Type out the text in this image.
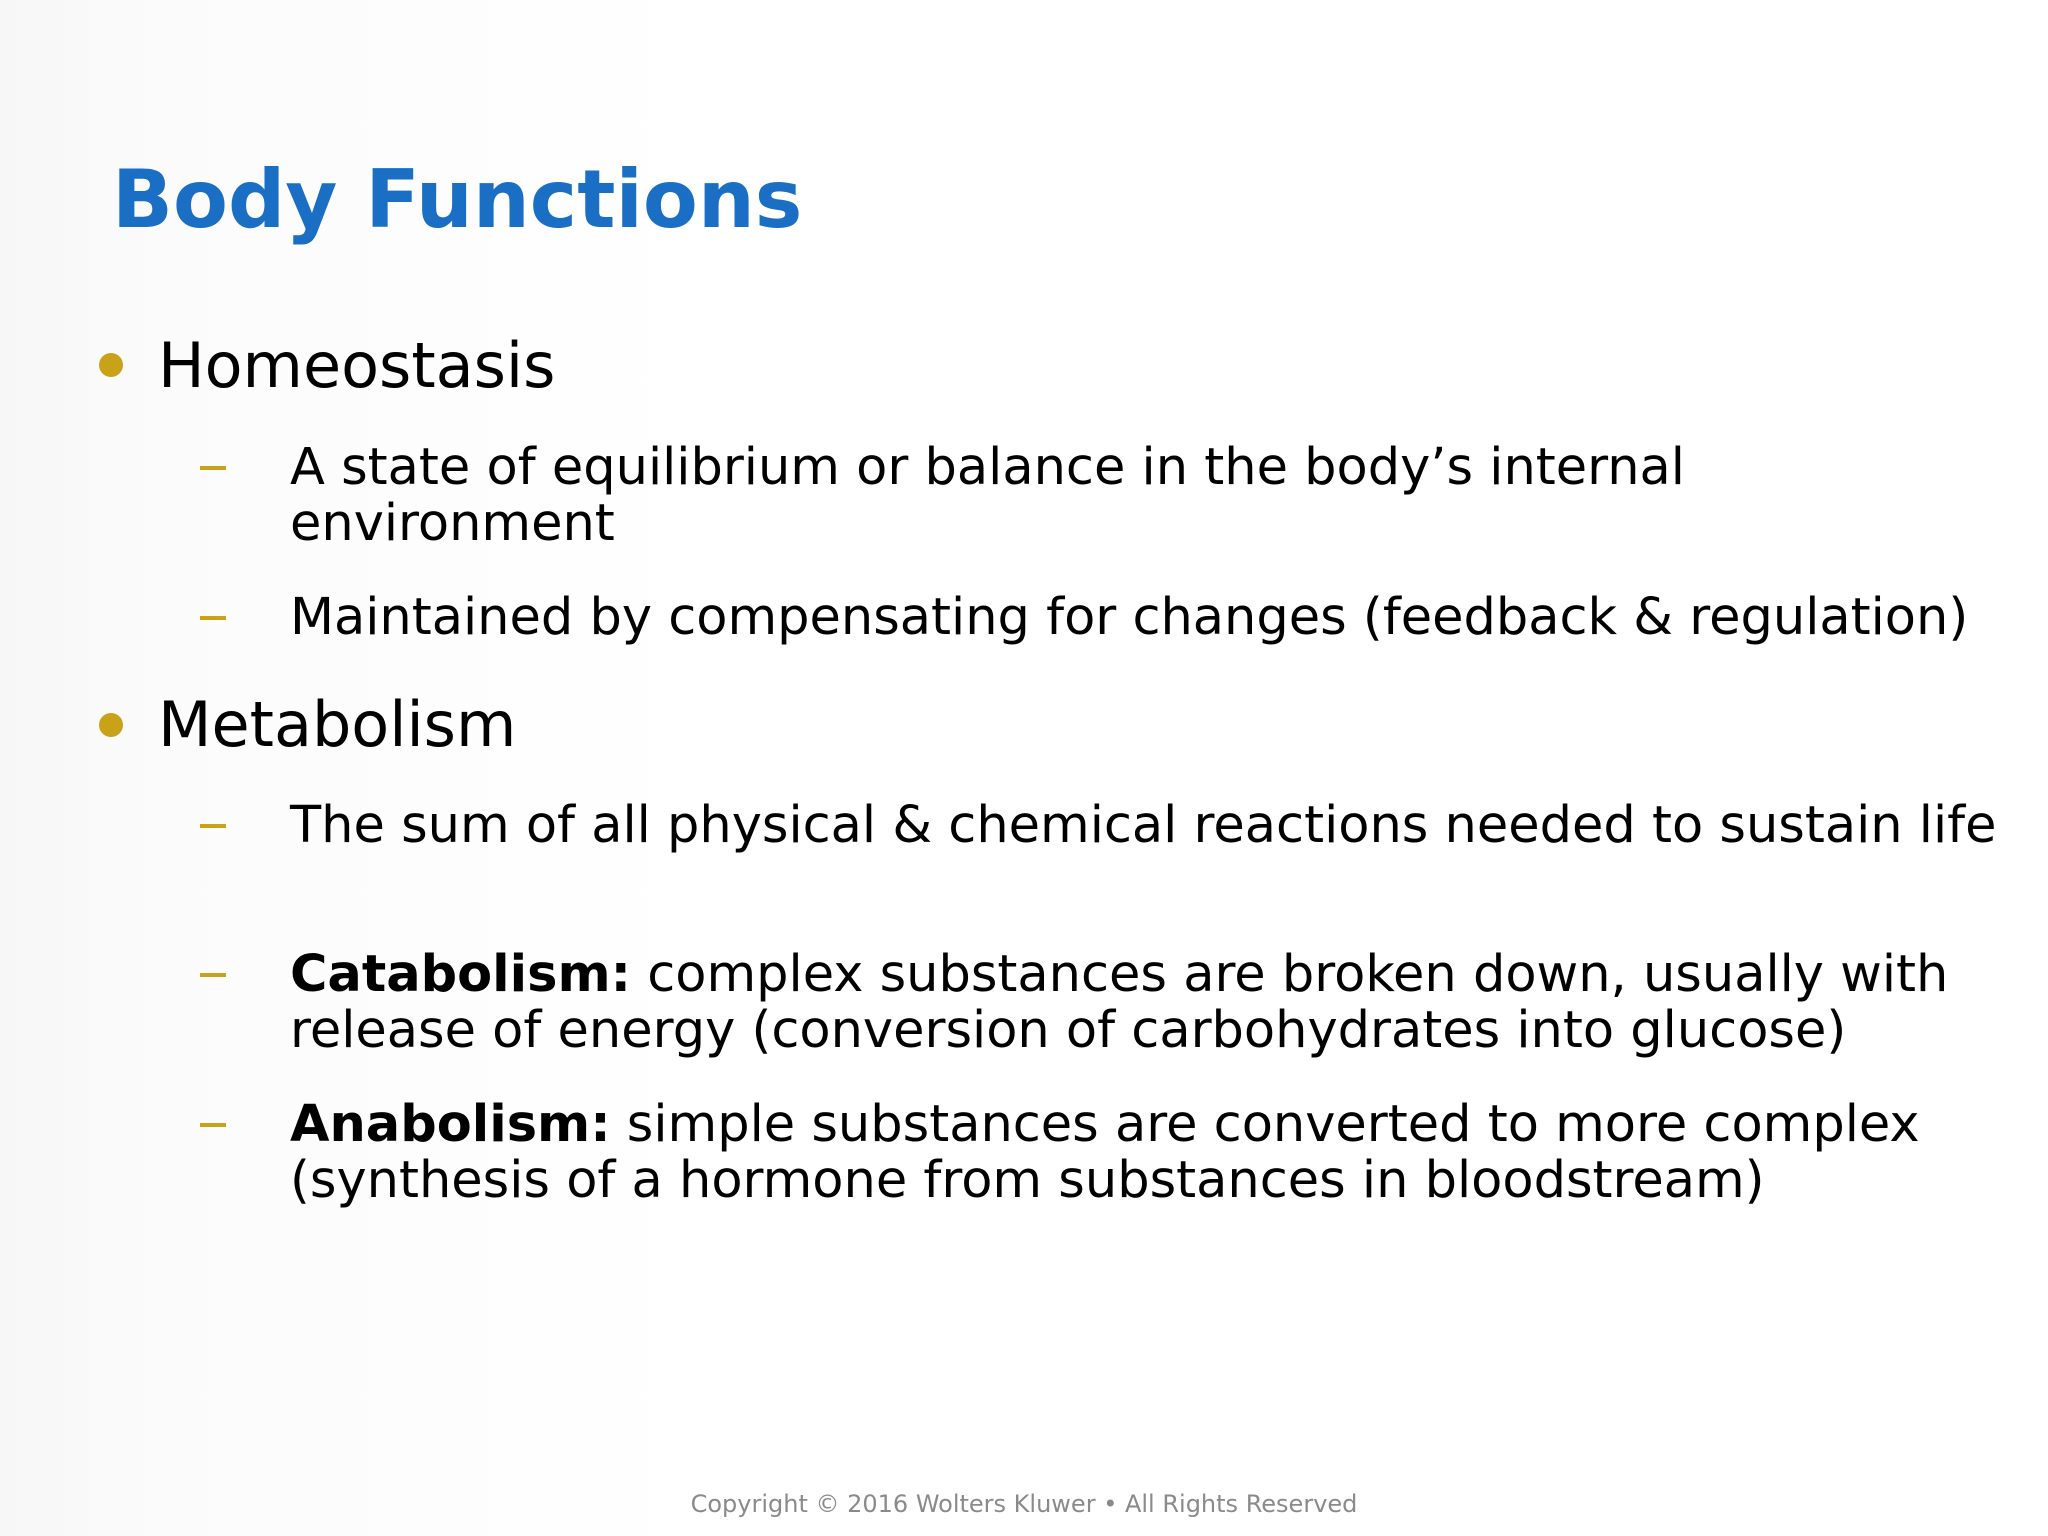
Body Functions
Homeostasis
A state of equilibrium or balance in the body’s internal environment
Maintained by compensating for changes (feedback & regulation)
Metabolism
The sum of all physical & chemical reactions needed to sustain life
Catabolism: complex substances are broken down, usually with release of energy (conversion of carbohydrates into glucose)
Anabolism: simple substances are converted to more complex (synthesis of a hormone from substances in bloodstream)
Copyright © 2016 Wolters Kluwer • All Rights Reserved
